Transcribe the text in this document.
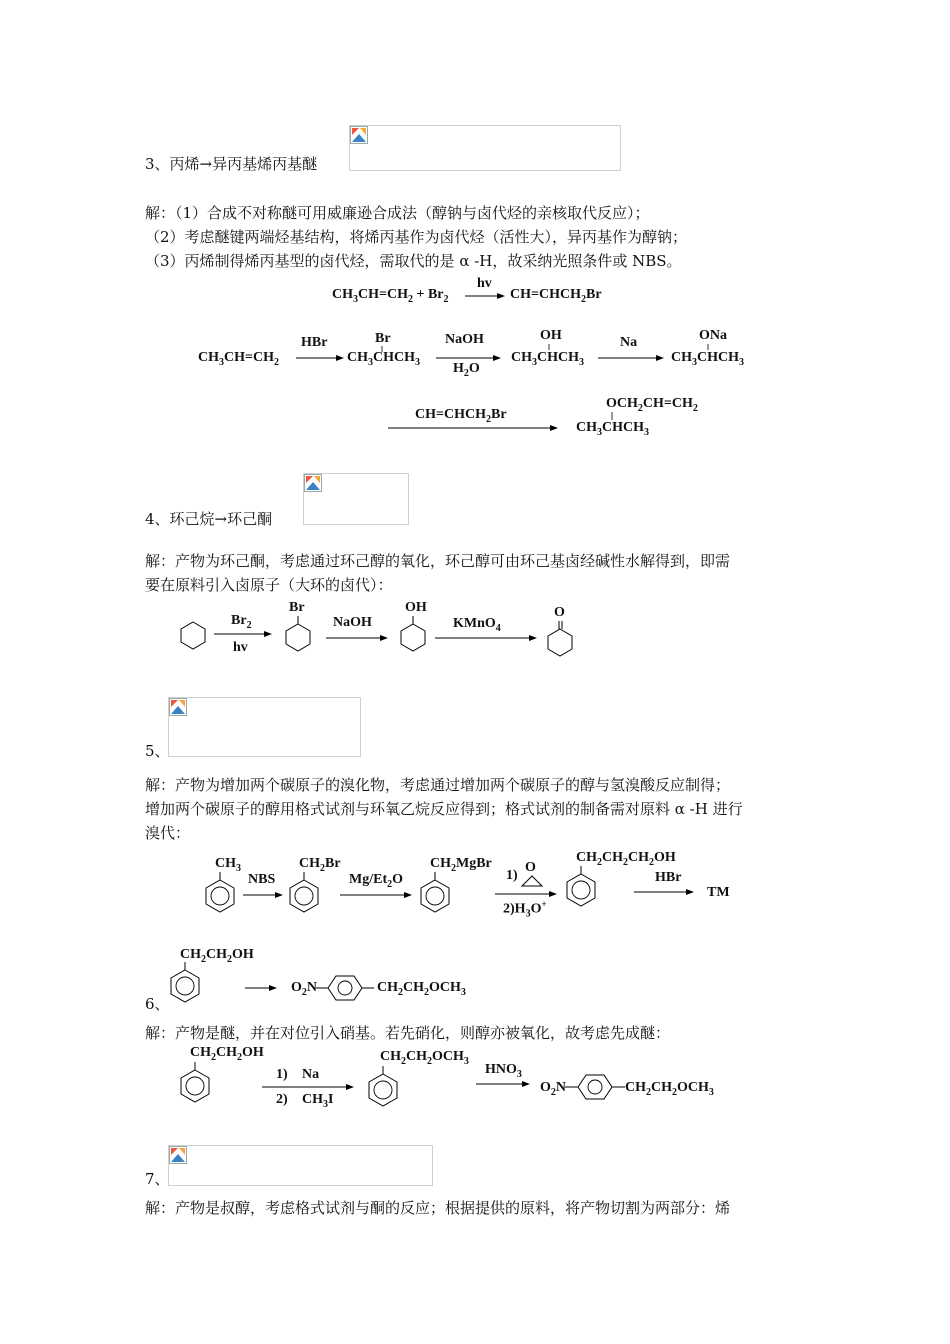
3、丙烯→异丙基烯丙基醚
解：（1）合成不对称醚可用威廉逊合成法（醇钠与卤代烃的亲核取代反应）；
（2）考虑醚键两端烃基结构，将烯丙基作为卤代烃（活性大），异丙基作为醇钠；
（3）丙烯制得烯丙基型的卤代烃，需取代的是 α -H，故采纳光照条件或 NBS。
$CH_3CH=CH_2 + Br_2$
hv
$CH=CHCH_2Br$
$CH_3CH=CH_2$
HBr	Br
$CH_3CHCH_3$
NaOH
$H_2O$
OH
$CH_3CHCH_3$
Na	ONa
$CH_3CHCH_3$
$CH=CHCH_2Br$
$OCH_2CH=CH_2$
$CH_3CHCH_3$
4、环己烷→环己酮
解：产物为环己酮，考虑通过环己醇的氧化，环己醇可由环己基卤经碱性水解得到，即需
要在原料引入卤原子（大环的卤代）：
$Br_2$
hv
Br
NaOH
OH
KMnO$_4$
O
5、
解：产物为增加两个碳原子的溴化物，考虑通过增加两个碳原子的醇与氢溴酸反应制得；
增加两个碳原子的醇用格式试剂与环氧乙烷反应得到；格式试剂的制备需对原料 α -H 进行
溴代：
$CH_3$
NBS
$CH_2Br$
$Mg/Et_2O$
$CH_2MgBr$
1)
O
$2)H_3O^+$
$CH_2CH_2CH_2OH$
HBr
TM
$CH_2CH_2OH$
6、
$O_2N$	$CH_2CH_2OCH_3$
解：产物是醚，并在对位引入硝基。若先硝化，则醇亦被氧化，故考虑先成醚：
$CH_2CH_2OH$
1) Na
2) $CH_3I$
$CH_2CH_2OCH_3$
$HNO_3$
$O_2N$	$CH_2CH_2OCH_3$
7、
解：产物是叔醇，考虑格式试剂与酮的反应；根据提供的原料，将产物切割为两部分：烯
